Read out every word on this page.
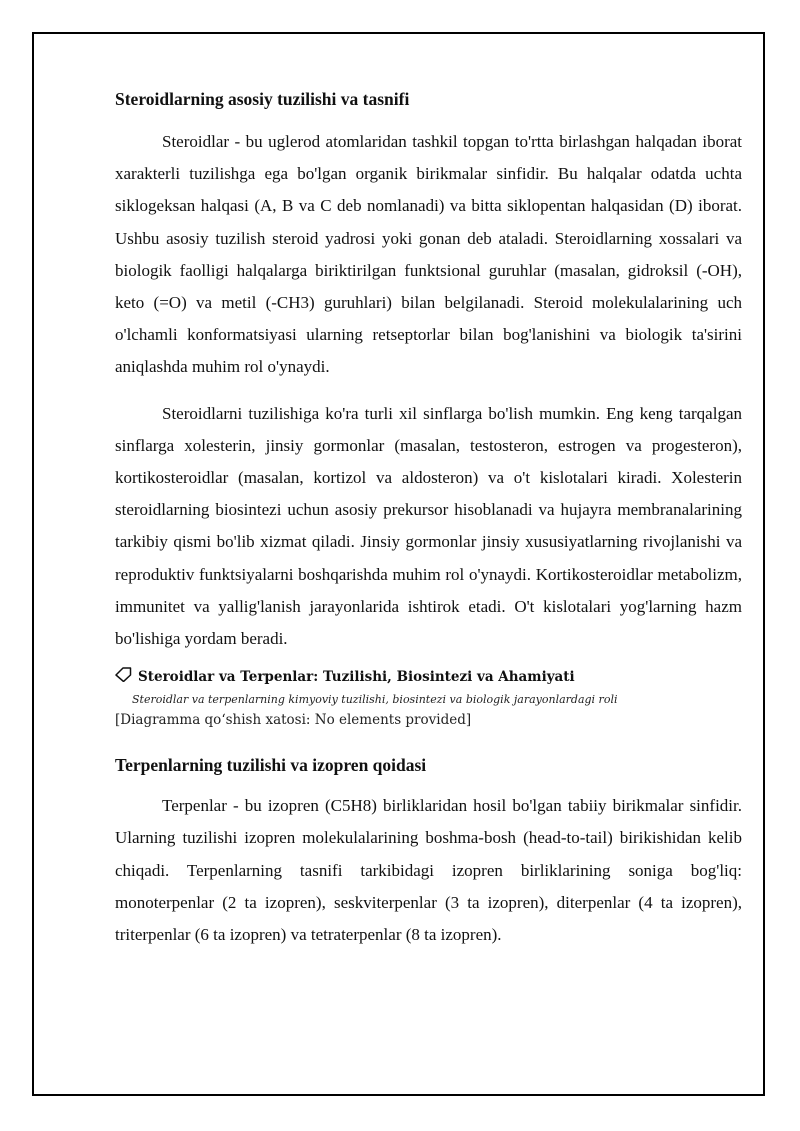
Steroidlarning asosiy tuzilishi va tasnifi

Steroidlar - bu uglerod atomlaridan tashkil topgan to'rtta birlashgan halqadan iborat xarakterli tuzilishga ega bo'lgan organik birikmalar sinfidir. Bu halqalar odatda uchta siklogeksan halqasi (A, B va C deb nomlanadi) va bitta siklopentan halqasidan (D) iborat. Ushbu asosiy tuzilish steroid yadrosi yoki gonan deb ataladi. Steroidlarning xossalari va biologik faolligi halqalarga biriktirilgan funktsional guruhlar (masalan, gidroksil (-OH), keto (=O) va metil (-CH3) guruhlari) bilan belgilanadi. Steroid molekulalarining uch o'lchamli konformatsiyasi ularning retseptorlar bilan bog'lanishini va biologik ta'sirini aniqlashda muhim rol o'ynaydi.

Steroidlarni tuzilishiga ko'ra turli xil sinflarga bo'lish mumkin. Eng keng tarqalgan sinflarga xolesterin, jinsiy gormonlar (masalan, testosteron, estrogen va progesteron), kortikosteroidlar (masalan, kortizol va aldosteron) va o't kislotalari kiradi. Xolesterin steroidlarning biosintezi uchun asosiy prekursor hisoblanadi va hujayra membranalarining tarkibiy qismi bo'lib xizmat qiladi. Jinsiy gormonlar jinsiy xususiyatlarning rivojlanishi va reproduktiv funktsiyalarni boshqarishda muhim rol o'ynaydi. Kortikosteroidlar metabolizm, immunitet va yallig'lanish jarayonlarida ishtirok etadi. O't kislotalari yog'larning hazm bo'lishiga yordam beradi.

Steroidlar va Terpenlar: Tuzilishi, Biosintezi va Ahamiyati

Steroidlar va terpenlarning kimyoviy tuzilishi, biosintezi va biologik jarayonlardagi roli

[Diagramma qo‘shish xatosi: No elements provided]

Terpenlarning tuzilishi va izopren qoidasi

Terpenlar - bu izopren (C5H8) birliklaridan hosil bo'lgan tabiiy birikmalar sinfidir. Ularning tuzilishi izopren molekulalarining boshma-bosh (head-to-tail) birikishidan kelib chiqadi. Terpenlarning tasnifi tarkibidagi izopren birliklarining soniga bog'liq: monoterpenlar (2 ta izopren), seskviterpenlar (3 ta izopren), diterpenlar (4 ta izopren), triterpenlar (6 ta izopren) va tetraterpenlar (8 ta izopren).
